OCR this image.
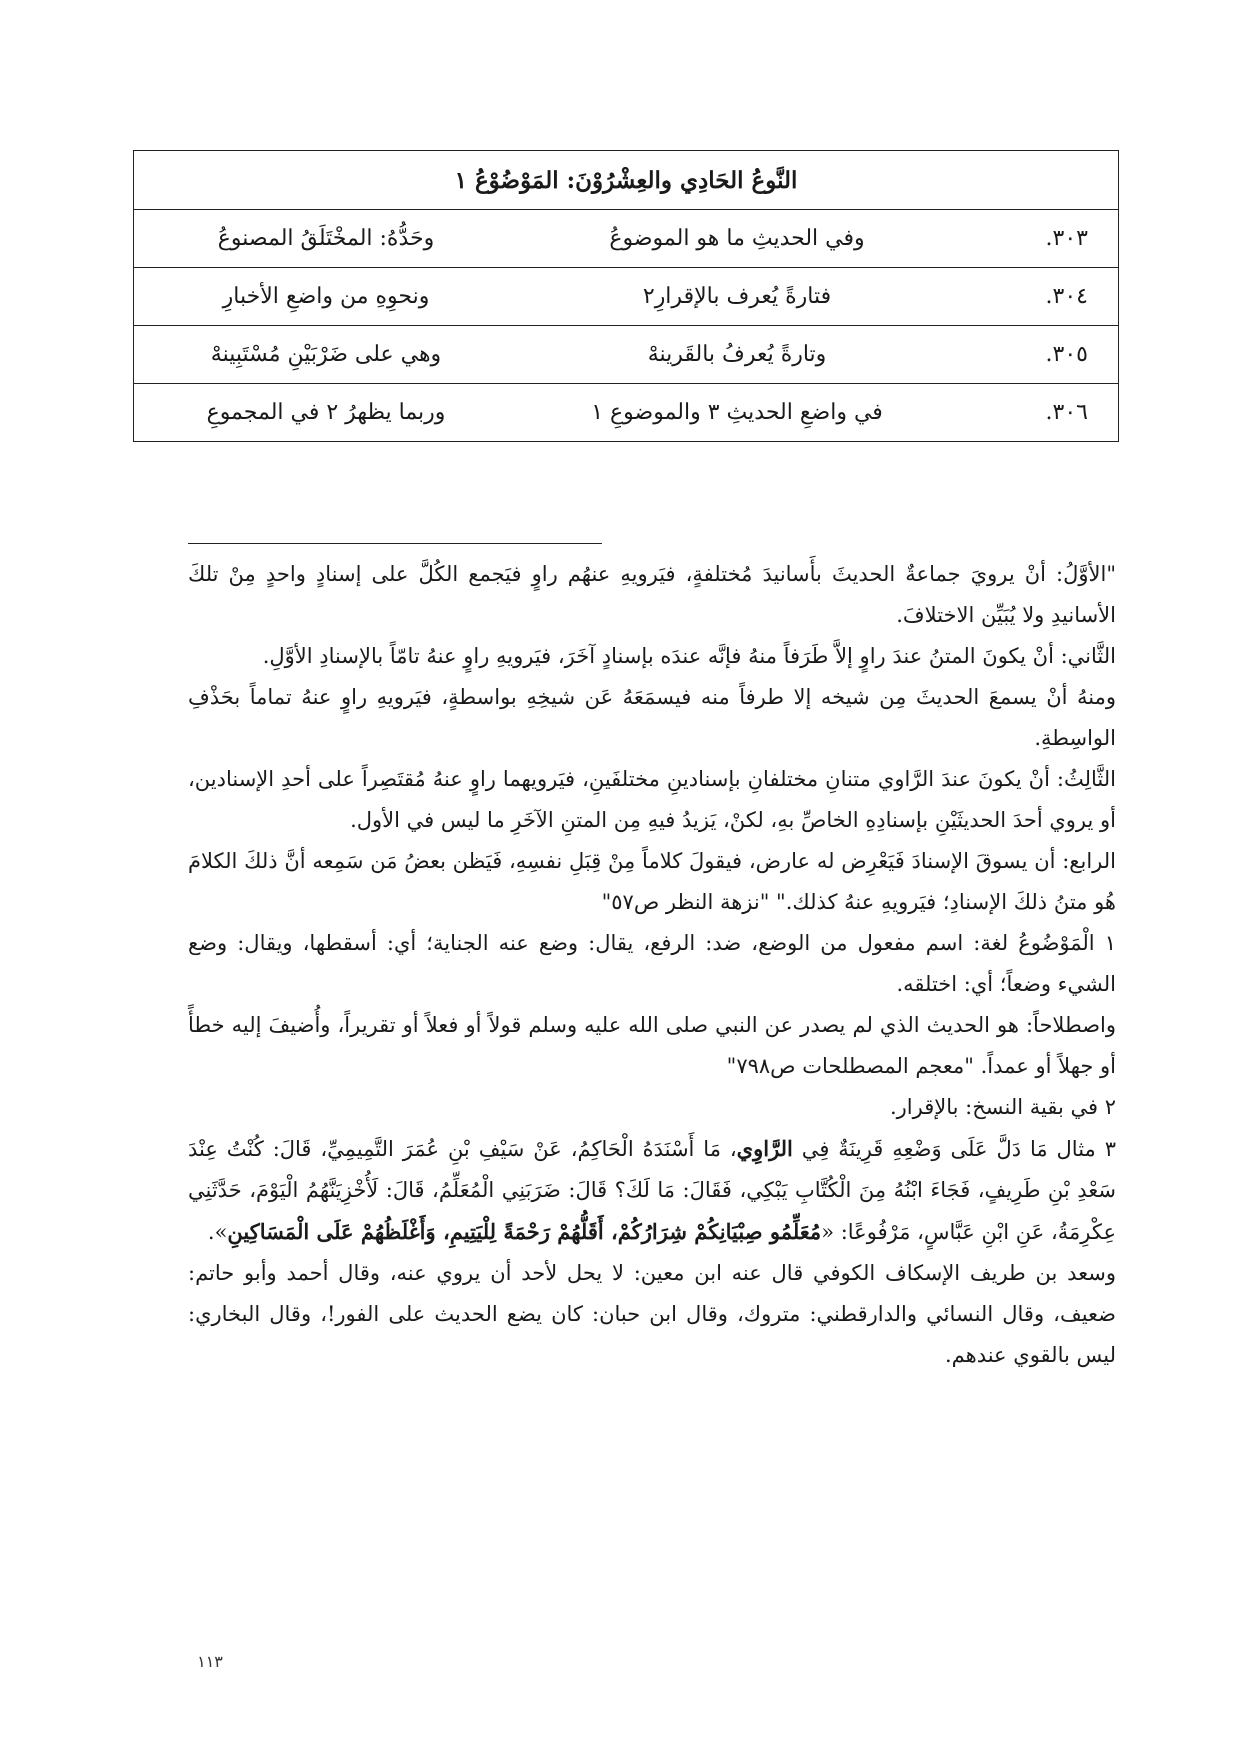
النَّوعُ الحَادِي والعِشْرُوْنَ: المَوْضُوْعُ ١		
٣٠٣.	وفي الحديثِ ما هو الموضوعُ	وحَدُّهُ: المخْتَلَقُ المصنوعُ
٣٠٤.	فتارةً يُعرف بالإقرارِ٢	ونحوِهِ من واضعِ الأخبارِ
٣٠٥.	وتارةً يُعرفُ بالقَرينهْ	وهي على ضَرْبَيْنِ مُسْتَبِينهْ
٣٠٦.	في واضعِ الحديثِ ٣ والموضوعِ ١	وربما يظهرُ ٢ في المجموعِ

"الأوَّلُ: أنْ يرويَ جماعةٌ الحديثَ بأَسانيدَ مُختلفةٍ، فيَرويهِ عنهُم راوٍ فيَجمع الكُلَّ على إسنادٍ واحدٍ مِنْ تلكَ الأسانيدِ ولا يُبَيِّن الاختلافَ.

الثَّاني: أنْ يكونَ المتنُ عندَ راوٍ إلاَّ طَرَفاً منهُ فإنَّه عندَه بإسنادٍ آخَرَ، فيَرويهِ راوٍ عنهُ تامّاً بالإسنادِ الأوَّلِ.

ومنهُ أنْ يسمعَ الحديثَ مِن شيخه إلا طرفاً منه فيسمَعَهُ عَن شيخِهِ بواسطةٍ، فيَرويهِ راوٍ عنهُ تماماً بحَذْفِ الواسِطةِ.

الثَّالِثُ: أنْ يكونَ عندَ الرَّاوي متنانِ مختلفانِ بإسنادينِ مختلفَينِ، فيَرويهما راوٍ عنهُ مُقتَصِراً على أحدِ الإسنادين، أو يروي أحدَ الحديثَيْنِ بإسنادِهِ الخاصِّ بهِ، لكنْ، يَزيدُ فيهِ مِن المتنِ الآخَرِ ما ليس في الأول.

الرابع: أن يسوقَ الإسنادَ فَيَعْرِض له عارض، فيقولَ كلاماً مِنْ قِبَلِ نفسِهِ، فَيَظن بعضُ مَن سَمِعه أنَّ ذلكَ الكلامَ هُو متنُ ذلكَ الإسنادِ؛ فيَرويهِ عنهُ كذلك." "نزهة النظر ص٥٧"

١ الْمَوْضُوعُ لغة: اسم مفعول من الوضع، ضد: الرفع، يقال: وضع عنه الجناية؛ أي: أسقطها، ويقال: وضع الشيء وضعاً؛ أي: اختلقه.

واصطلاحاً: هو الحديث الذي لم يصدر عن النبي صلى الله عليه وسلم قولاً أو فعلاً أو تقريراً، وأُضيفَ إليه خطأً أو جهلاً أو عمداً. "معجم المصطلحات ص٧٩٨"

٢ في بقية النسخ: بالإقرار.

٣ مثال مَا دَلَّ عَلَى وَضْعِهِ قَرِينَةٌ فِي الرَّاوِي، مَا أَسْنَدَهُ الْحَاكِمُ، عَنْ سَيْفِ بْنِ عُمَرَ التَّمِيمِيِّ، قَالَ: كُنْتُ عِنْدَ سَعْدِ بْنِ طَرِيفٍ، فَجَاءَ ابْنُهُ مِنَ الْكُتَّابِ يَبْكِي، فَقَالَ: مَا لَكَ؟ قَالَ: ضَرَبَنِي الْمُعَلِّمُ، قَالَ: لَأُخْزِيَنَّهُمُ الْيَوْمَ، حَدَّثَنِي عِكْرِمَةُ، عَنِ ابْنِ عَبَّاسٍ، مَرْفُوعًا: «مُعَلِّمُو صِبْيَانِكُمْ شِرَارُكُمْ، أَقَلُّهُمْ رَحْمَةً لِلْيَتِيمِ، وَأَغْلَظُهُمْ عَلَى الْمَسَاكِينِ».

وسعد بن طريف الإسكاف الكوفي قال عنه ابن معين: لا يحل لأحد أن يروي عنه، وقال أحمد وأبو حاتم: ضعيف، وقال النسائي والدارقطني: متروك، وقال ابن حبان: كان يضع الحديث على الفور!، وقال البخاري: ليس بالقوي عندهم.

١١٣
